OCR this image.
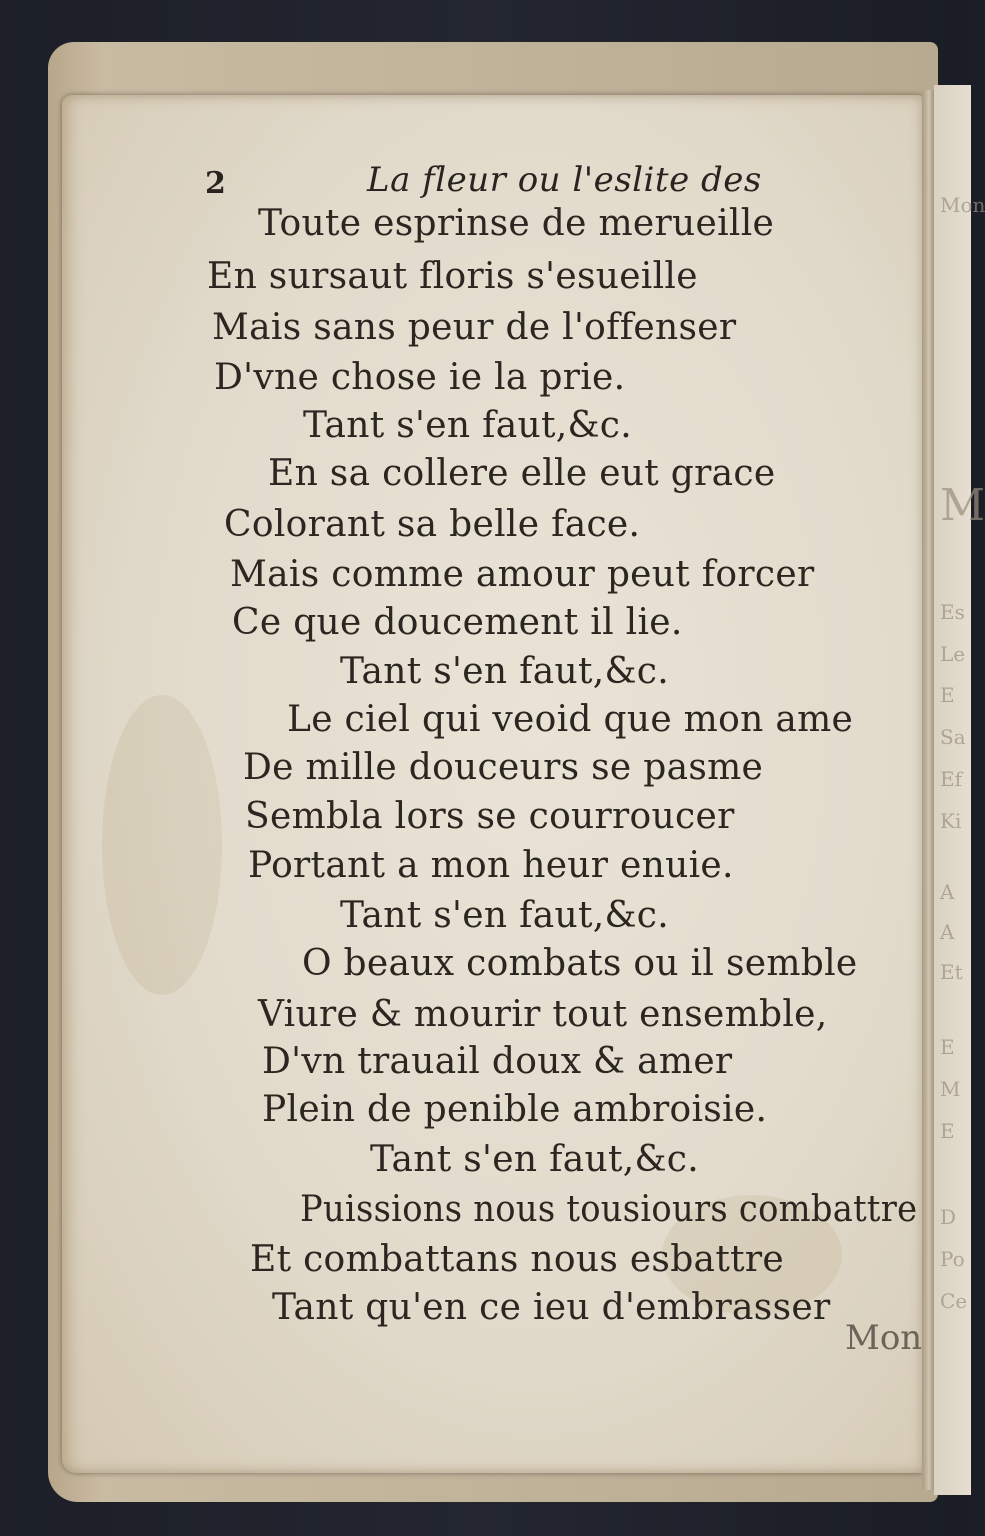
Mon
M
Es
Le
E
Sa
Ef
Ki
A
A
Et
E
M
E
D
Po
Ce
2	La fleur ou l'eslite des
Toute esprinse de merueille
En sursaut floris s'esueille
Mais sans peur de l'offenser
D'vne chose ie la prie.
Tant s'en faut,&c.
En sa collere elle eut grace
Colorant sa belle face.
Mais comme amour peut forcer
Ce que doucement il lie.
Tant s'en faut,&c.
Le ciel qui veoid que mon ame
De mille douceurs se pasme
Sembla lors se courroucer
Portant a mon heur enuie.
Tant s'en faut,&c.
O beaux combats ou il semble
Viure & mourir tout ensemble,
D'vn trauail doux & amer
Plein de penible ambroisie.
Tant s'en faut,&c.
Puissions nous tousiours combattre
Et combattans nous esbattre
Tant qu'en ce ieu d'embrasser
Mon
